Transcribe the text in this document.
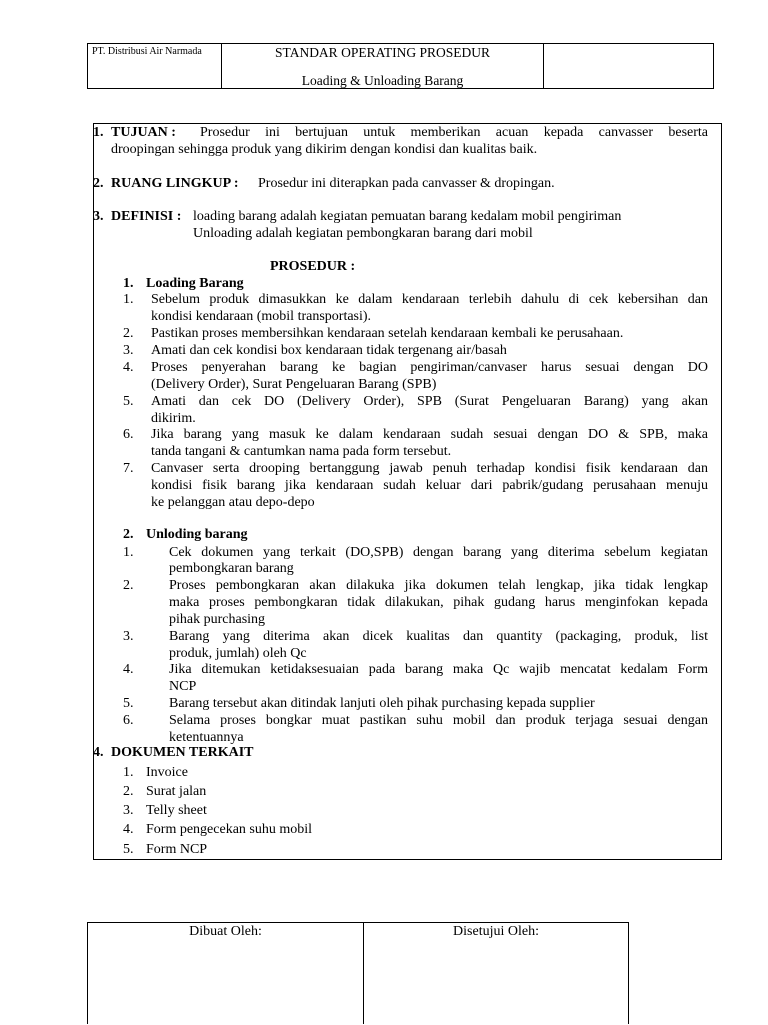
PT. Distribusi Air Narmada	STANDAR OPERATING PROSEDUR
Loading & Unloading Barang
1. TUJUAN : Prosedur ini bertujuan untuk memberikan acuan kepada canvasser beserta
droopingan sehingga produk yang dikirim dengan kondisi dan kualitas baik.
2. RUANG LINGKUP : Prosedur ini diterapkan pada canvasser & dropingan.
3. DEFINISI : loading barang adalah kegiatan pemuatan barang kedalam mobil pengiriman
Unloading adalah kegiatan pembongkaran barang dari mobil
PROSEDUR :
1. Loading Barang
1. Sebelum produk dimasukkan ke dalam kendaraan terlebih dahulu di cek kebersihan dan
kondisi kendaraan (mobil transportasi).
2. Pastikan proses membersihkan kendaraan setelah kendaraan kembali ke perusahaan.
3. Amati dan cek kondisi box kendaraan tidak tergenang air/basah
4. Proses penyerahan barang ke bagian pengiriman/canvaser harus sesuai dengan DO
(Delivery Order), Surat Pengeluaran Barang (SPB)
5. Amati dan cek DO (Delivery Order), SPB (Surat Pengeluaran Barang) yang akan
dikirim.
6. Jika barang yang masuk ke dalam kendaraan sudah sesuai dengan DO & SPB, maka
tanda tangani & cantumkan nama pada form tersebut.
7. Canvaser serta drooping bertanggung jawab penuh terhadap kondisi fisik kendaraan dan
kondisi fisik barang jika kendaraan sudah keluar dari pabrik/gudang perusahaan menuju
ke pelanggan atau depo-depo
2. Unloding barang
1.	Cek dokumen yang terkait (DO,SPB) dengan barang yang diterima sebelum kegiatan
pembongkaran barang
2.	Proses pembongkaran akan dilakuka jika dokumen telah lengkap, jika tidak lengkap
maka proses pembongkaran tidak dilakukan, pihak gudang harus menginfokan kepada
pihak purchasing
3.	Barang yang diterima akan dicek kualitas dan quantity (packaging, produk, list
produk, jumlah) oleh Qc
4.	Jika ditemukan ketidaksesuaian pada barang maka Qc wajib mencatat kedalam Form
NCP
5.	Barang tersebut akan ditindak lanjuti oleh pihak purchasing kepada supplier
6.	Selama proses bongkar muat pastikan suhu mobil dan produk terjaga sesuai dengan
ketentuannya
4. DOKUMEN TERKAIT
1. Invoice
2. Surat jalan
3. Telly sheet
4. Form pengecekan suhu mobil
5. Form NCP
Dibuat Oleh:	Disetujui Oleh:
